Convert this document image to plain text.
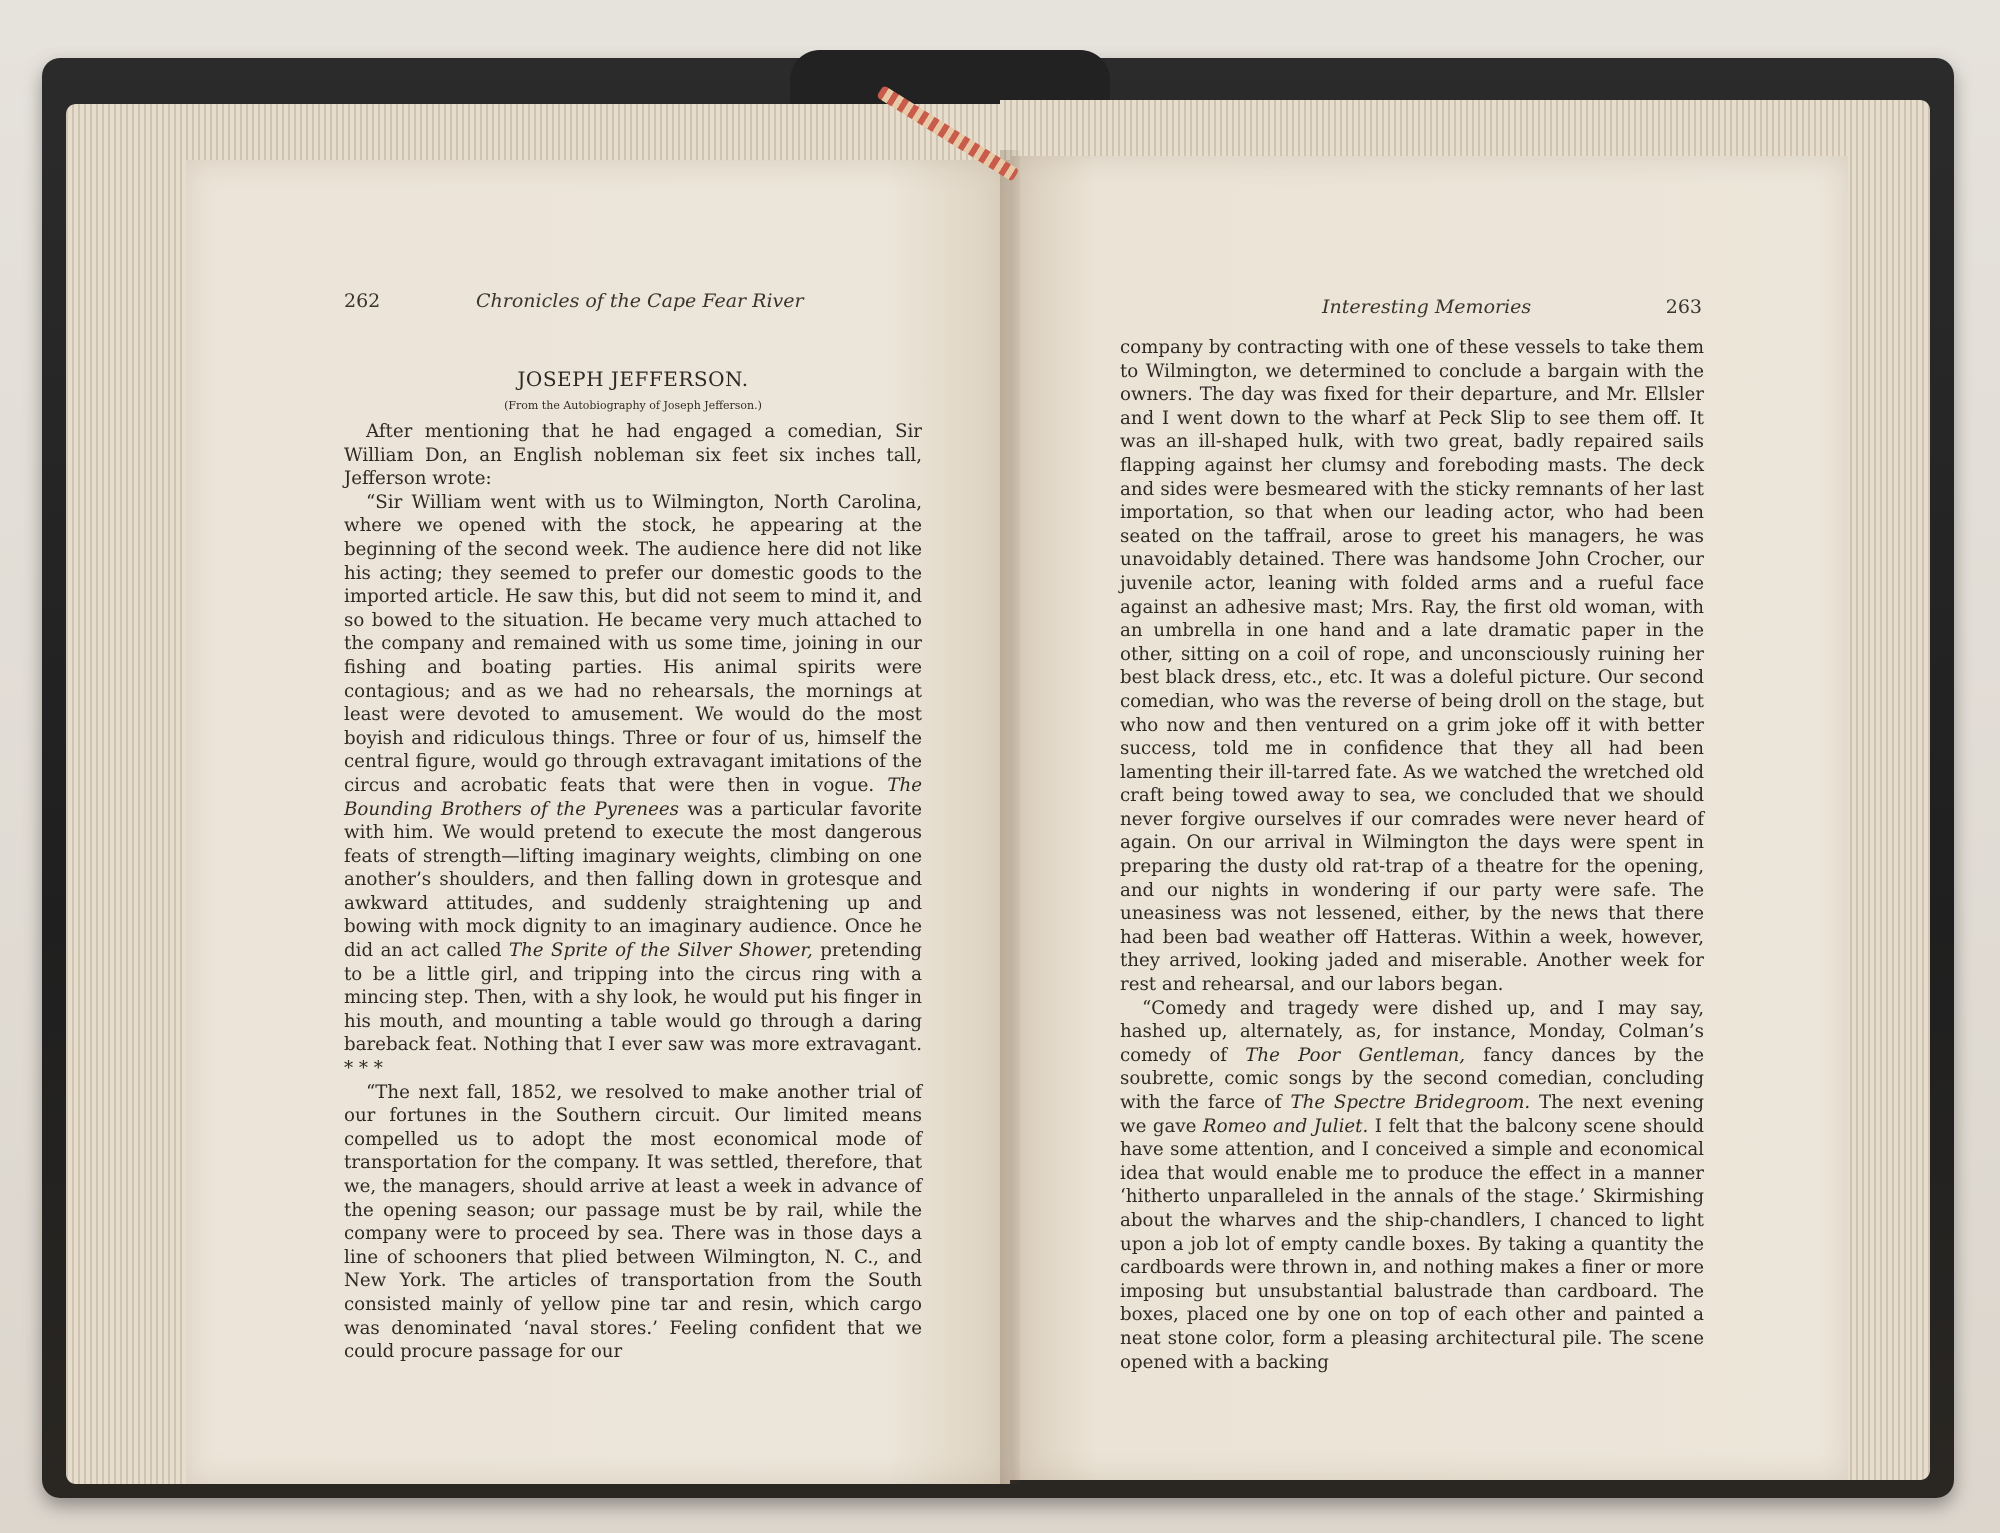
262	Chronicles of the Cape Fear River
JOSEPH JEFFERSON.
(From the Autobiography of Joseph Jefferson.)

After mentioning that he had engaged a comedian, Sir William Don, an English nobleman six feet six inches tall, Jefferson wrote:

“Sir William went with us to Wilmington, North Carolina, where we opened with the stock, he appearing at the beginning of the second week. The audience here did not like his acting; they seemed to prefer our domestic goods to the imported article. He saw this, but did not seem to mind it, and so bowed to the situation. He became very much attached to the company and remained with us some time, joining in our fishing and boating parties. His animal spirits were contagious; and as we had no rehearsals, the mornings at least were devoted to amusement. We would do the most boyish and ridiculous things. Three or four of us, himself the central figure, would go through extravagant imitations of the circus and acrobatic feats that were then in vogue. The Bounding Brothers of the Pyrenees was a particular favorite with him. We would pretend to execute the most dangerous feats of strength—lifting imaginary weights, climbing on one another’s shoulders, and then falling down in grotesque and awkward attitudes, and suddenly straightening up and bowing with mock dignity to an imaginary audience. Once he did an act called The Sprite of the Silver Shower, pretending to be a little girl, and tripping into the circus ring with a mincing step. Then, with a shy look, he would put his finger in his mouth, and mounting a table would go through a daring bareback feat. Nothing that I ever saw was more extravagant. * * *

“The next fall, 1852, we resolved to make another trial of our fortunes in the Southern circuit. Our limited means compelled us to adopt the most economical mode of transportation for the company. It was settled, therefore, that we, the managers, should arrive at least a week in advance of the opening season; our passage must be by rail, while the company were to proceed by sea. There was in those days a line of schooners that plied between Wilmington, N. C., and New York. The articles of transportation from the South consisted mainly of yellow pine tar and resin, which cargo was denominated ‘naval stores.’ Feeling confident that we could procure passage for our

Interesting Memories	263

company by contracting with one of these vessels to take them to Wilmington, we determined to conclude a bargain with the owners. The day was fixed for their departure, and Mr. Ellsler and I went down to the wharf at Peck Slip to see them off. It was an ill-shaped hulk, with two great, badly repaired sails flapping against her clumsy and foreboding masts. The deck and sides were besmeared with the sticky remnants of her last importation, so that when our leading actor, who had been seated on the taffrail, arose to greet his managers, he was unavoidably detained. There was handsome John Crocher, our juvenile actor, leaning with folded arms and a rueful face against an adhesive mast; Mrs. Ray, the first old woman, with an umbrella in one hand and a late dramatic paper in the other, sitting on a coil of rope, and unconsciously ruining her best black dress, etc., etc. It was a doleful picture. Our second comedian, who was the reverse of being droll on the stage, but who now and then ventured on a grim joke off it with better success, told me in confidence that they all had been lamenting their ill-tarred fate. As we watched the wretched old craft being towed away to sea, we concluded that we should never forgive ourselves if our comrades were never heard of again. On our arrival in Wilmington the days were spent in preparing the dusty old rat-trap of a theatre for the opening, and our nights in wondering if our party were safe. The uneasiness was not lessened, either, by the news that there had been bad weather off Hatteras. Within a week, however, they arrived, looking jaded and miserable. Another week for rest and rehearsal, and our labors began.

“Comedy and tragedy were dished up, and I may say, hashed up, alternately, as, for instance, Monday, Colman’s comedy of The Poor Gentleman, fancy dances by the soubrette, comic songs by the second comedian, concluding with the farce of The Spectre Bridegroom. The next evening we gave Romeo and Juliet. I felt that the balcony scene should have some attention, and I conceived a simple and economical idea that would enable me to produce the effect in a manner ‘hitherto unparalleled in the annals of the stage.’ Skirmishing about the wharves and the ship-chandlers, I chanced to light upon a job lot of empty candle boxes. By taking a quantity the cardboards were thrown in, and nothing makes a finer or more imposing but unsubstantial balustrade than cardboard. The boxes, placed one by one on top of each other and painted a neat stone color, form a pleasing architectural pile. The scene opened with a backing
